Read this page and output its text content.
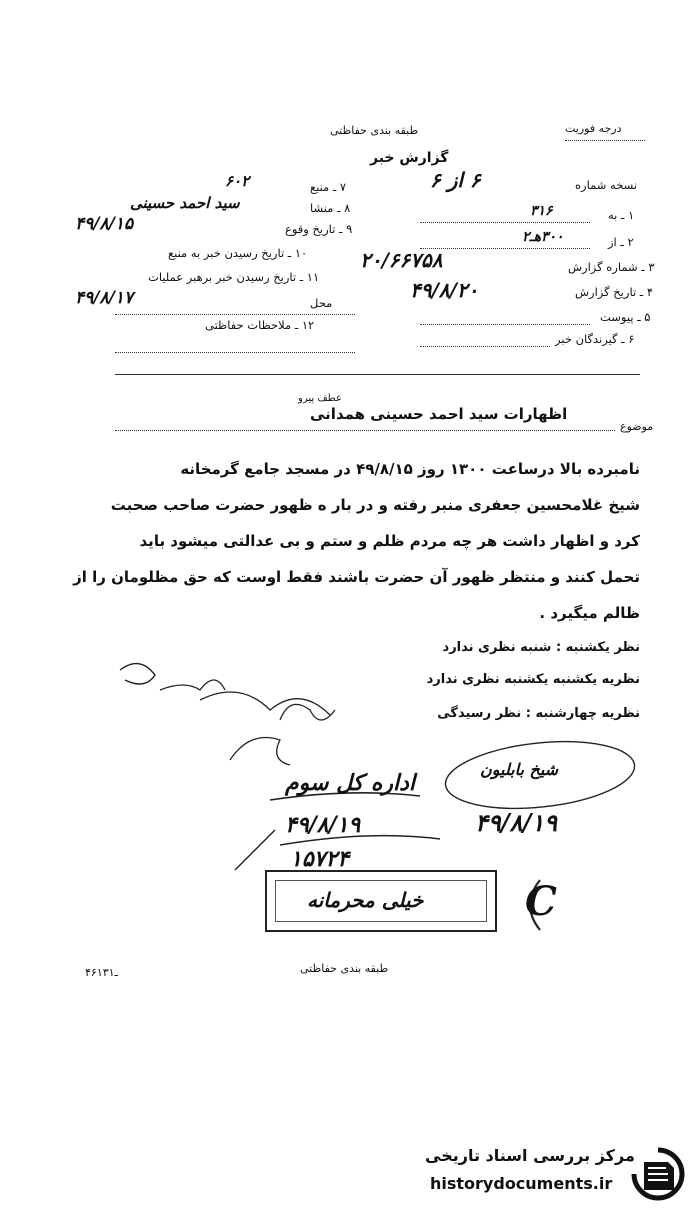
درجه فوریت
طبقه بندی حفاظتی
گزارش خبر
نسخه شماره
۶ از ۶
۱ ـ به
۳۱۶
۲ ـ از
۳۰۰هـ۲
۳ ـ شماره گزارش
۲۰/۶۶۷۵۸
۴ ـ تاریخ گزارش
۴۹/۸/۲۰
۵ ـ پیوست
۶ ـ گیرندگان خبر
۷ ـ منبع
۶۰۲
۸ ـ منشا
سید احمد حسینی
۹ ـ تاریخ وقوع
۴۹/۸/۱۵
۱۰ ـ تاریخ رسیدن خبر به منبع
۱۱ ـ تاریخ رسیدن خبر برهبر عملیات
۴۹/۸/۱۷	محل
۱۲ ـ ملاحظات حفاظتی
موضوع
اظهارات سید احمد حسینی همدانی
عطف پیرو
نامبرده بالا درساعت ۱۳۰۰ روز ۴۹/۸/۱۵ در مسجد جامع گرمخانه
شیخ غلامحسین جعفری منبر رفته و در بار ه ظهور حضرت صاحب صحبت
کرد و اظهار داشت هر چه مردم ظلم و ستم و بی عدالتی میشود باید
تحمل کنند و منتظر ظهور آن حضرت باشند فقط اوست که حق مظلومان را از
ظالم میگیرد .
نظر یکشنبه : شنبه نظری ندارد
نظریه یکشنبه یکشنبه نظری ندارد
نظریه چهارشنبه : نظر رسیدگی
اداره کل سوم
۴۹/۸/۱۹
۱۵۷۲۴
۴۹/۸/۱۹
شیخ بابلیون
C
خیلی محرمانه
طبقه بندی حفاظتی
۴۶ـ۱۳۱
مرکز بررسی اسناد تاریخی
historydocuments.ir
